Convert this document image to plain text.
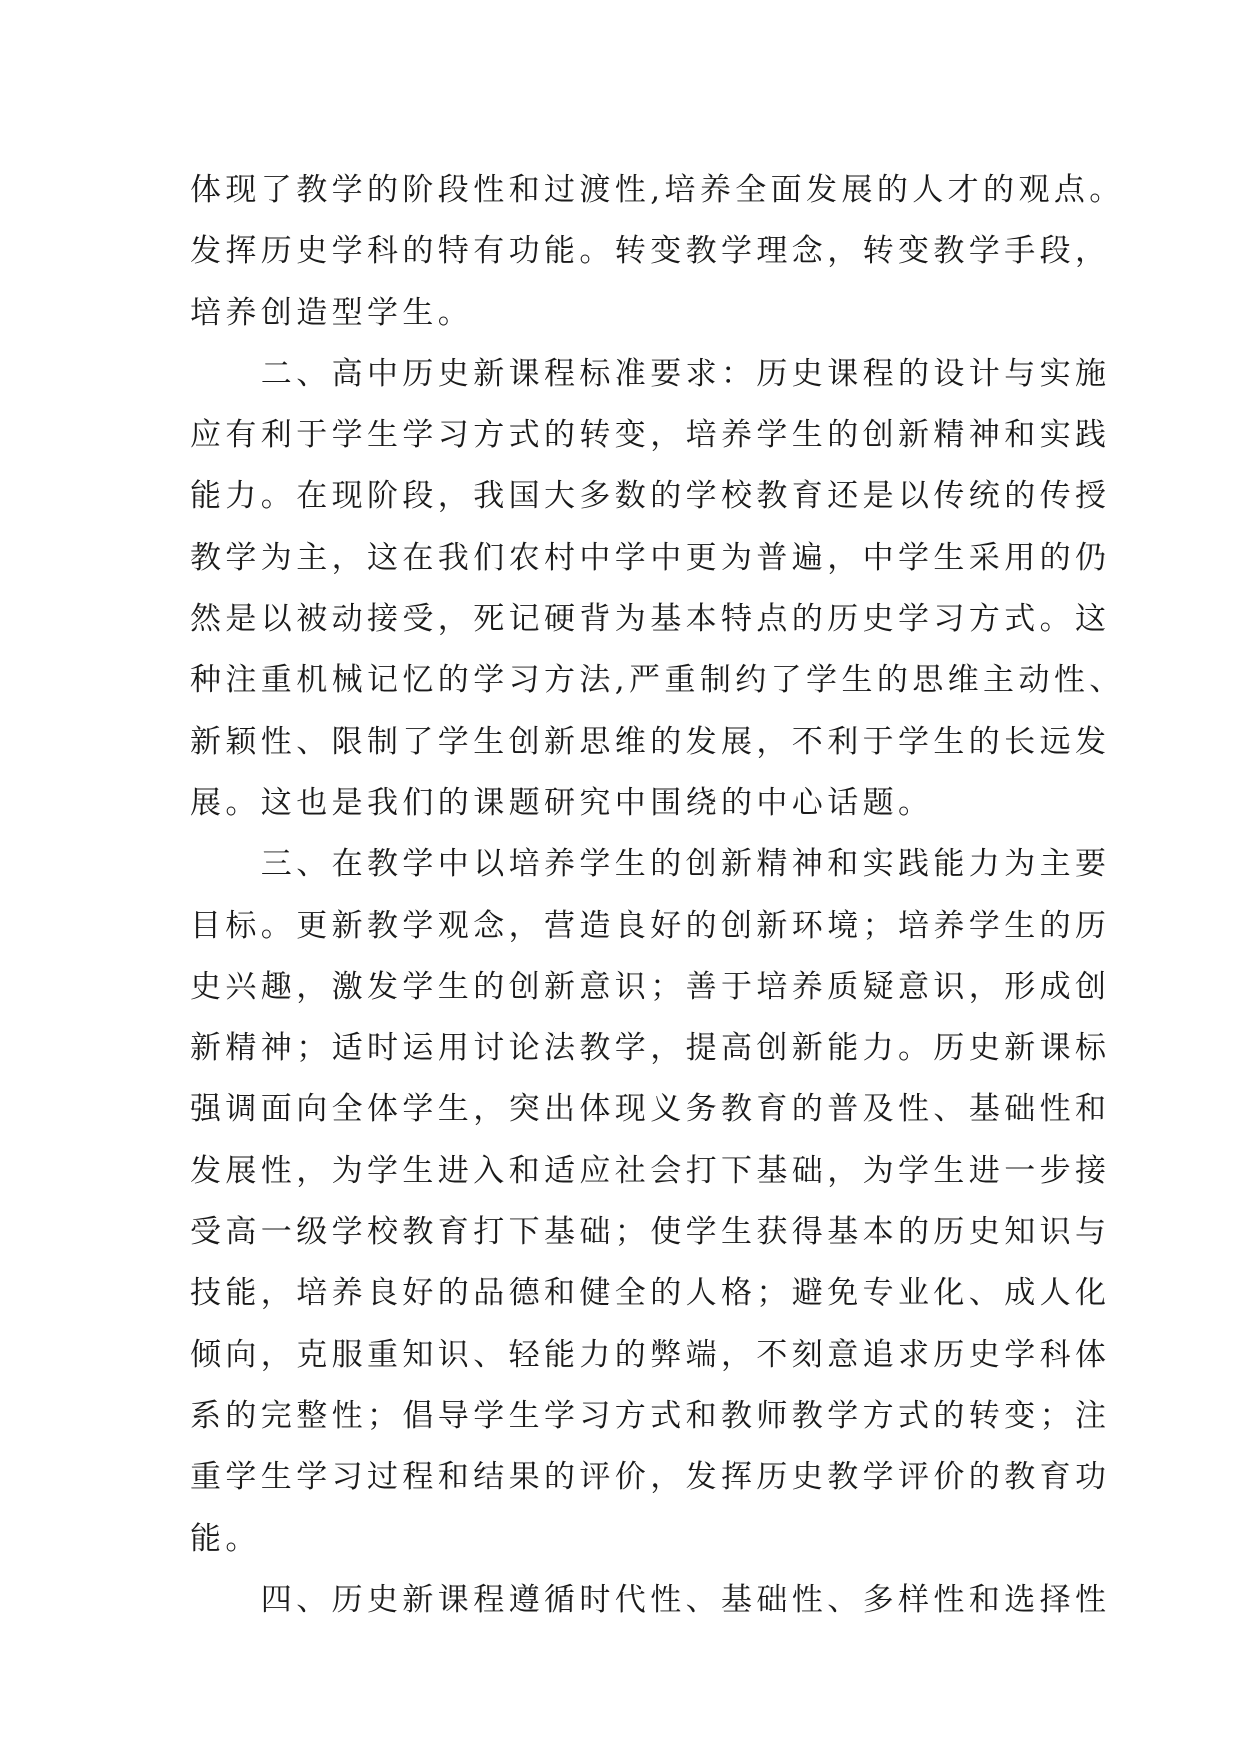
体现了教学的阶段性和过渡性,培养全面发展的人才的观点。
发挥历史学科的特有功能。转变教学理念，转变教学手段，
培养创造型学生。
　　二、高中历史新课程标准要求：历史课程的设计与实施
应有利于学生学习方式的转变，培养学生的创新精神和实践
能力。在现阶段，我国大多数的学校教育还是以传统的传授
教学为主，这在我们农村中学中更为普遍，中学生采用的仍
然是以被动接受，死记硬背为基本特点的历史学习方式。这
种注重机械记忆的学习方法,严重制约了学生的思维主动性、
新颖性、限制了学生创新思维的发展，不利于学生的长远发
展。这也是我们的课题研究中围绕的中心话题。
　　三、在教学中以培养学生的创新精神和实践能力为主要
目标。更新教学观念，营造良好的创新环境；培养学生的历
史兴趣，激发学生的创新意识；善于培养质疑意识，形成创
新精神；适时运用讨论法教学，提高创新能力。历史新课标
强调面向全体学生，突出体现义务教育的普及性、基础性和
发展性，为学生进入和适应社会打下基础，为学生进一步接
受高一级学校教育打下基础；使学生获得基本的历史知识与
技能，培养良好的品德和健全的人格；避免专业化、成人化
倾向，克服重知识、轻能力的弊端，不刻意追求历史学科体
系的完整性；倡导学生学习方式和教师教学方式的转变；注
重学生学习过程和结果的评价，发挥历史教学评价的教育功
能。
　　四、历史新课程遵循时代性、基础性、多样性和选择性
